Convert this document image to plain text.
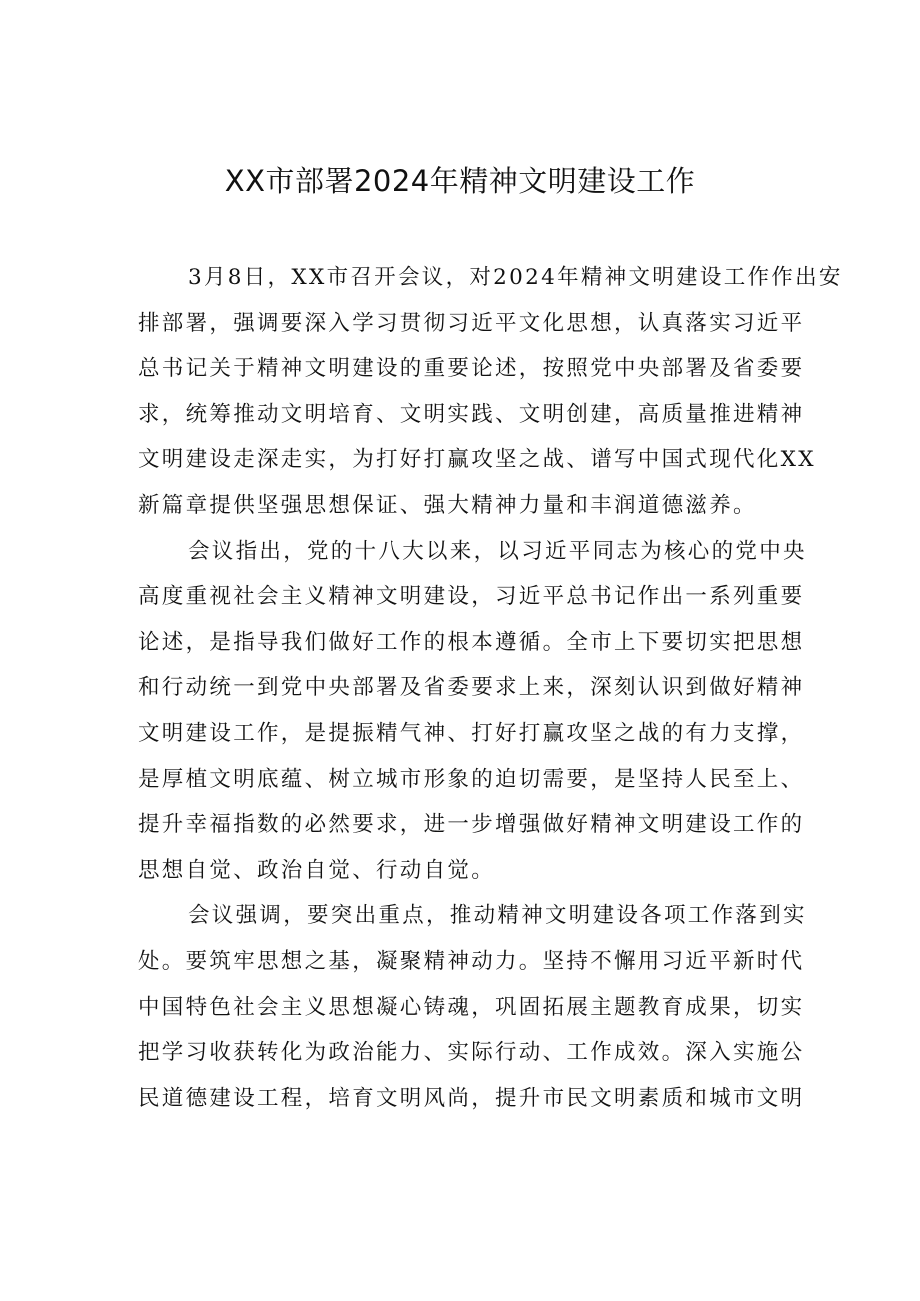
XX市部署2024年精神文明建设工作
3月8日，XX市召开会议，对2024年精神文明建设工作作出安
排部署，强调要深入学习贯彻习近平文化思想，认真落实习近平
总书记关于精神文明建设的重要论述，按照党中央部署及省委要
求，统筹推动文明培育、文明实践、文明创建，高质量推进精神
文明建设走深走实，为打好打赢攻坚之战、谱写中国式现代化XX
新篇章提供坚强思想保证、强大精神力量和丰润道德滋养。
会议指出，党的十八大以来，以习近平同志为核心的党中央
高度重视社会主义精神文明建设，习近平总书记作出一系列重要
论述，是指导我们做好工作的根本遵循。全市上下要切实把思想
和行动统一到党中央部署及省委要求上来，深刻认识到做好精神
文明建设工作，是提振精气神、打好打赢攻坚之战的有力支撑，
是厚植文明底蕴、树立城市形象的迫切需要，是坚持人民至上、
提升幸福指数的必然要求，进一步增强做好精神文明建设工作的
思想自觉、政治自觉、行动自觉。
会议强调，要突出重点，推动精神文明建设各项工作落到实
处。要筑牢思想之基，凝聚精神动力。坚持不懈用习近平新时代
中国特色社会主义思想凝心铸魂，巩固拓展主题教育成果，切实
把学习收获转化为政治能力、实际行动、工作成效。深入实施公
民道德建设工程，培育文明风尚，提升市民文明素质和城市文明
